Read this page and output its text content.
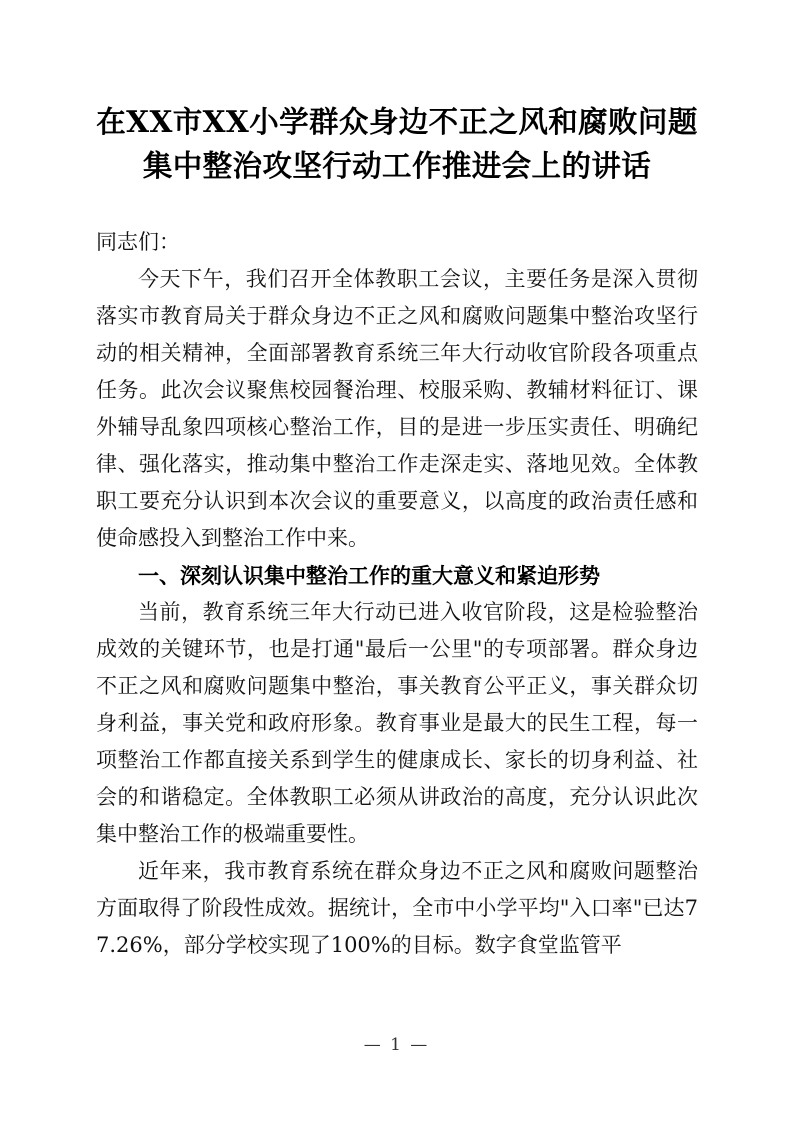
在XX市XX小学群众身边不正之风和腐败问题集中整治攻坚行动工作推进会上的讲话

同志们：

今天下午，我们召开全体教职工会议，主要任务是深入贯彻落实市教育局关于群众身边不正之风和腐败问题集中整治攻坚行动的相关精神，全面部署教育系统三年大行动收官阶段各项重点任务。此次会议聚焦校园餐治理、校服采购、教辅材料征订、课外辅导乱象四项核心整治工作，目的是进一步压实责任、明确纪律、强化落实，推动集中整治工作走深走实、落地见效。全体教职工要充分认识到本次会议的重要意义，以高度的政治责任感和使命感投入到整治工作中来。

一、深刻认识集中整治工作的重大意义和紧迫形势

当前，教育系统三年大行动已进入收官阶段，这是检验整治成效的关键环节，也是打通"最后一公里"的专项部署。群众身边不正之风和腐败问题集中整治，事关教育公平正义，事关群众切身利益，事关党和政府形象。教育事业是最大的民生工程，每一项整治工作都直接关系到学生的健康成长、家长的切身利益、社会的和谐稳定。全体教职工必须从讲政治的高度，充分认识此次集中整治工作的极端重要性。

近年来，我市教育系统在群众身边不正之风和腐败问题整治方面取得了阶段性成效。据统计，全市中小学平均"入口率"已达77.26%，部分学校实现了100%的目标。数字食堂监管平

— 1 —
